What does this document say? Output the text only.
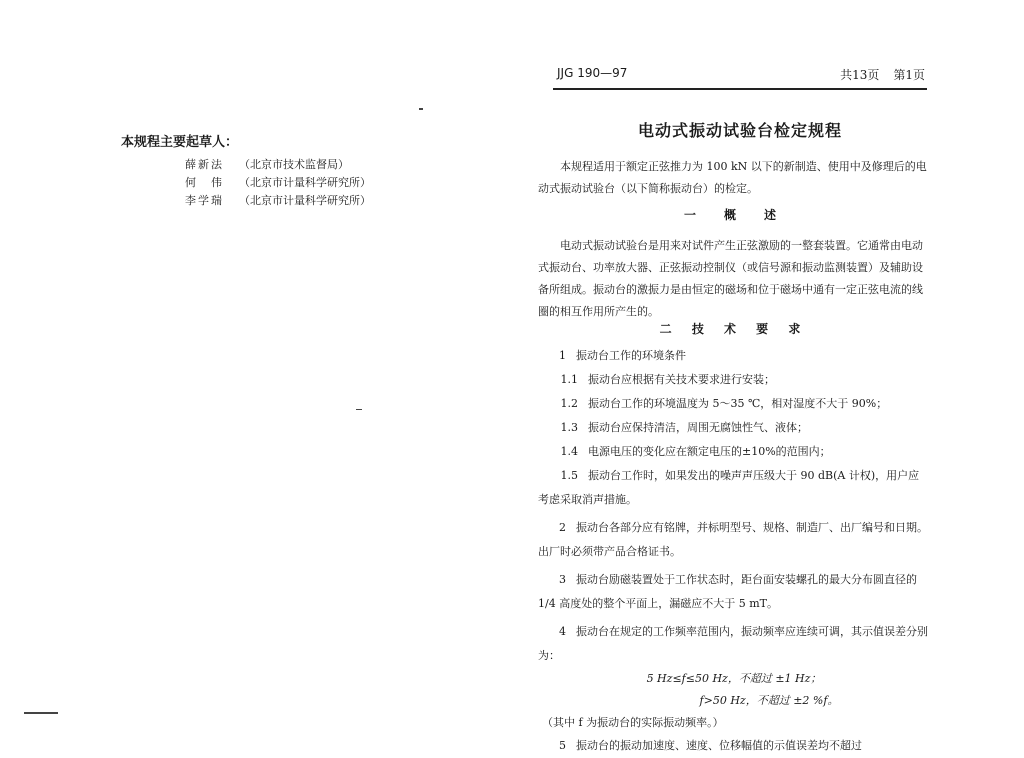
本规程主要起草人：
薛新法	（北京市技术监督局）
何　伟	（北京市计量科学研究所）
李学瑞	（北京市计量科学研究所）
JJG 190—97	共13页 第1页
电动式振动试验台检定规程

本规程适用于额定正弦推力为 100 kN 以下的新制造、使用中及修理后的电动式振动试验台（以下简称振动台）的检定。

一　概　述

电动式振动试验台是用来对试件产生正弦激励的一整套装置。它通常由电动式振动台、功率放大器、正弦振动控制仪（或信号源和振动监测装置）及辅助设备所组成。振动台的激振力是由恒定的磁场和位于磁场中通有一定正弦电流的线圈的相互作用所产生的。

二 技 术 要 求
1 振动台工作的环境条件
1.1 振动台应根据有关技术要求进行安装；
1.2 振动台工作的环境温度为 5～35 ℃，相对湿度不大于 90%；
1.3 振动台应保持清洁，周围无腐蚀性气、液体；
1.4 电源电压的变化应在额定电压的±10%的范围内；
1.5 振动台工作时，如果发出的噪声声压级大于 90 dB(A 计权)，用户应考虑采取消声措施。
2 振动台各部分应有铭牌，并标明型号、规格、制造厂、出厂编号和日期。出厂时必须带产品合格证书。
3 振动台励磁装置处于工作状态时，距台面安装螺孔的最大分布圆直径的 1/4 高度处的整个平面上，漏磁应不大于 5 mT。
4 振动台在规定的工作频率范围内，振动频率应连续可调，其示值误差分别为：
5 Hz≤f≤50 Hz，不超过 ±1 Hz；
f>50 Hz，不超过 ±2 %f。
（其中 f 为振动台的实际振动频率。）
5 振动台的振动加速度、速度、位移幅值的示值误差均不超过
